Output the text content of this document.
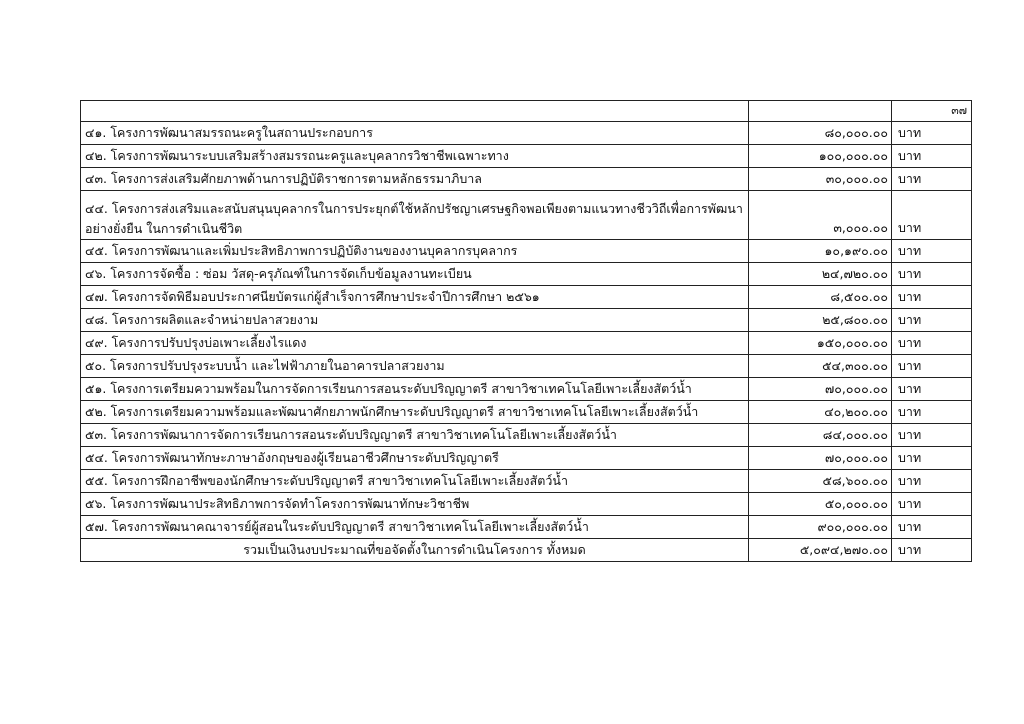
		๓๗

๔๑. โครงการพัฒนาสมรรถนะครูในสถานประกอบการ	๘๐,๐๐๐.๐๐	บาท
๔๒. โครงการพัฒนาระบบเสริมสร้างสมรรถนะครูและบุคลากรวิชาชีพเฉพาะทาง	๑๐๐,๐๐๐.๐๐	บาท
๔๓. โครงการส่งเสริมศักยภาพด้านการปฏิบัติราชการตามหลักธรรมาภิบาล	๓๐,๐๐๐.๐๐	บาท
๔๔. โครงการส่งเสริมและสนับสนุนบุคลากรในการประยุกต์ใช้หลักปรัชญาเศรษฐกิจพอเพียงตามแนวทางชีววิถีเพื่อการพัฒนาอย่างยั่งยืน ในการดำเนินชีวิต	๓,๐๐๐.๐๐	บาท
๔๕. โครงการพัฒนาและเพิ่มประสิทธิภาพการปฏิบัติงานของงานบุคลากรบุคลากร	๑๐,๑๙๐.๐๐	บาท
๔๖. โครงการจัดซื้อ : ซ่อม วัสดุ-ครุภัณฑ์ในการจัดเก็บข้อมูลงานทะเบียน	๒๔,๗๒๐.๐๐	บาท
๔๗. โครงการจัดพิธีมอบประกาศนียบัตรแก่ผู้สำเร็จการศึกษาประจำปีการศึกษา ๒๕๖๑	๘,๕๐๐.๐๐	บาท
๔๘. โครงการผลิตและจำหน่ายปลาสวยงาม	๒๕,๘๐๐.๐๐	บาท
๔๙. โครงการปรับปรุงบ่อเพาะเลี้ยงไรแดง	๑๕๐,๐๐๐.๐๐	บาท
๕๐. โครงการปรับปรุงระบบน้ำ และไฟฟ้าภายในอาคารปลาสวยงาม	๕๔,๓๐๐.๐๐	บาท
๕๑. โครงการเตรียมความพร้อมในการจัดการเรียนการสอนระดับปริญญาตรี สาขาวิชาเทคโนโลยีเพาะเลี้ยงสัตว์น้ำ	๗๐,๐๐๐.๐๐	บาท
๕๒. โครงการเตรียมความพร้อมและพัฒนาศักยภาพนักศึกษาระดับปริญญาตรี สาขาวิชาเทคโนโลยีเพาะเลี้ยงสัตว์น้ำ	๔๐,๒๐๐.๐๐	บาท
๕๓. โครงการพัฒนาการจัดการเรียนการสอนระดับปริญญาตรี สาขาวิชาเทคโนโลยีเพาะเลี้ยงสัตว์น้ำ	๘๔,๐๐๐.๐๐	บาท
๕๔. โครงการพัฒนาทักษะภาษาอังกฤษของผู้เรียนอาชีวศึกษาระดับปริญญาตรี	๗๐,๐๐๐.๐๐	บาท
๕๕. โครงการฝึกอาชีพของนักศึกษาระดับปริญญาตรี สาขาวิชาเทคโนโลยีเพาะเลี้ยงสัตว์น้ำ	๕๘,๖๐๐.๐๐	บาท
๕๖. โครงการพัฒนาประสิทธิภาพการจัดทำโครงการพัฒนาทักษะวิชาชีพ	๕๐,๐๐๐.๐๐	บาท
๕๗. โครงการพัฒนาคณาจารย์ผู้สอนในระดับปริญญาตรี สาขาวิชาเทคโนโลยีเพาะเลี้ยงสัตว์น้ำ	๙๐๐,๐๐๐.๐๐	บาท
รวมเป็นเงินงบประมาณที่ขอจัดตั้งในการดำเนินโครงการ ทั้งหมด	๕,๐๙๔,๒๗๐.๐๐	บาท
